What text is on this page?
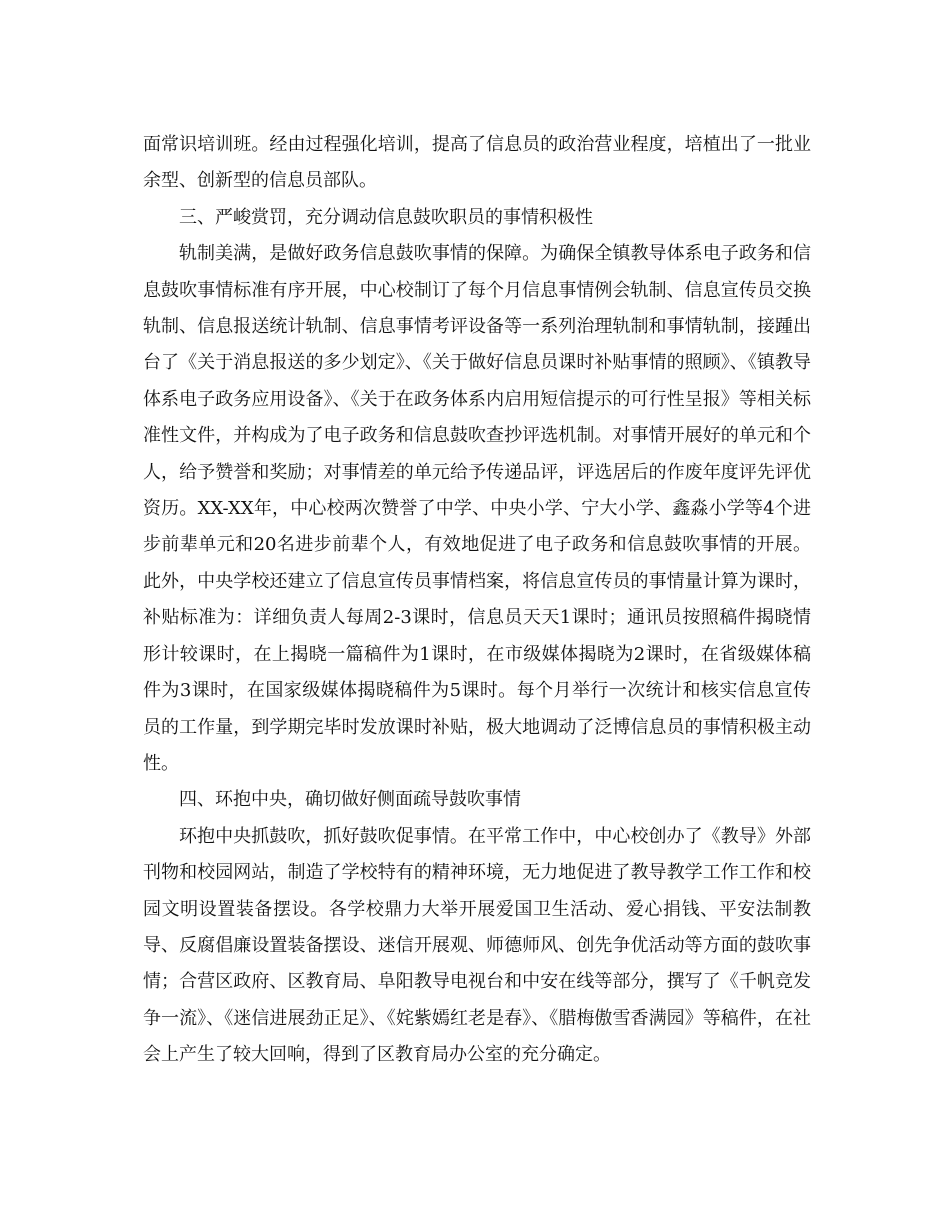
面常识培训班。经由过程强化培训，提高了信息员的政治营业程度，培植出了一批业余型、创新型的信息员部队。

三、严峻赏罚，充分调动信息鼓吹职员的事情积极性

轨制美满，是做好政务信息鼓吹事情的保障。为确保全镇教导体系电子政务和信息鼓吹事情标准有序开展，中心校制订了每个月信息事情例会轨制、信息宣传员交换轨制、信息报送统计轨制、信息事情考评设备等一系列治理轨制和事情轨制，接踵出台了《关于消息报送的多少划定》、《关于做好信息员课时补贴事情的照顾》、《镇教导体系电子政务应用设备》、《关于在政务体系内启用短信提示的可行性呈报》等相关标准性文件，并构成为了电子政务和信息鼓吹查抄评选机制。对事情开展好的单元和个人，给予赞誉和奖励；对事情差的单元给予传递品评，评选居后的作废年度评先评优资历。XX-XX年，中心校两次赞誉了中学、中央小学、宁大小学、鑫淼小学等4个进步前辈单元和20名进步前辈个人，有效地促进了电子政务和信息鼓吹事情的开展。此外，中央学校还建立了信息宣传员事情档案，将信息宣传员的事情量计算为课时，补贴标准为：详细负责人每周2-3课时，信息员天天1课时；通讯员按照稿件揭晓情形计较课时，在上揭晓一篇稿件为1课时，在市级媒体揭晓为2课时，在省级媒体稿件为3课时，在国家级媒体揭晓稿件为5课时。每个月举行一次统计和核实信息宣传员的工作量，到学期完毕时发放课时补贴，极大地调动了泛博信息员的事情积极主动性。

四、环抱中央，确切做好侧面疏导鼓吹事情

环抱中央抓鼓吹，抓好鼓吹促事情。在平常工作中，中心校创办了《教导》外部刊物和校园网站，制造了学校特有的精神环境，无力地促进了教导教学工作工作和校园文明设置装备摆设。各学校鼎力大举开展爱国卫生活动、爱心捐钱、平安法制教导、反腐倡廉设置装备摆设、迷信开展观、师德师风、创先争优活动等方面的鼓吹事情；合营区政府、区教育局、阜阳教导电视台和中安在线等部分，撰写了《千帆竞发争一流》、《迷信进展劲正足》、《姹紫嫣红老是春》、《腊梅傲雪香满园》等稿件，在社会上产生了较大回响，得到了区教育局办公室的充分确定。
